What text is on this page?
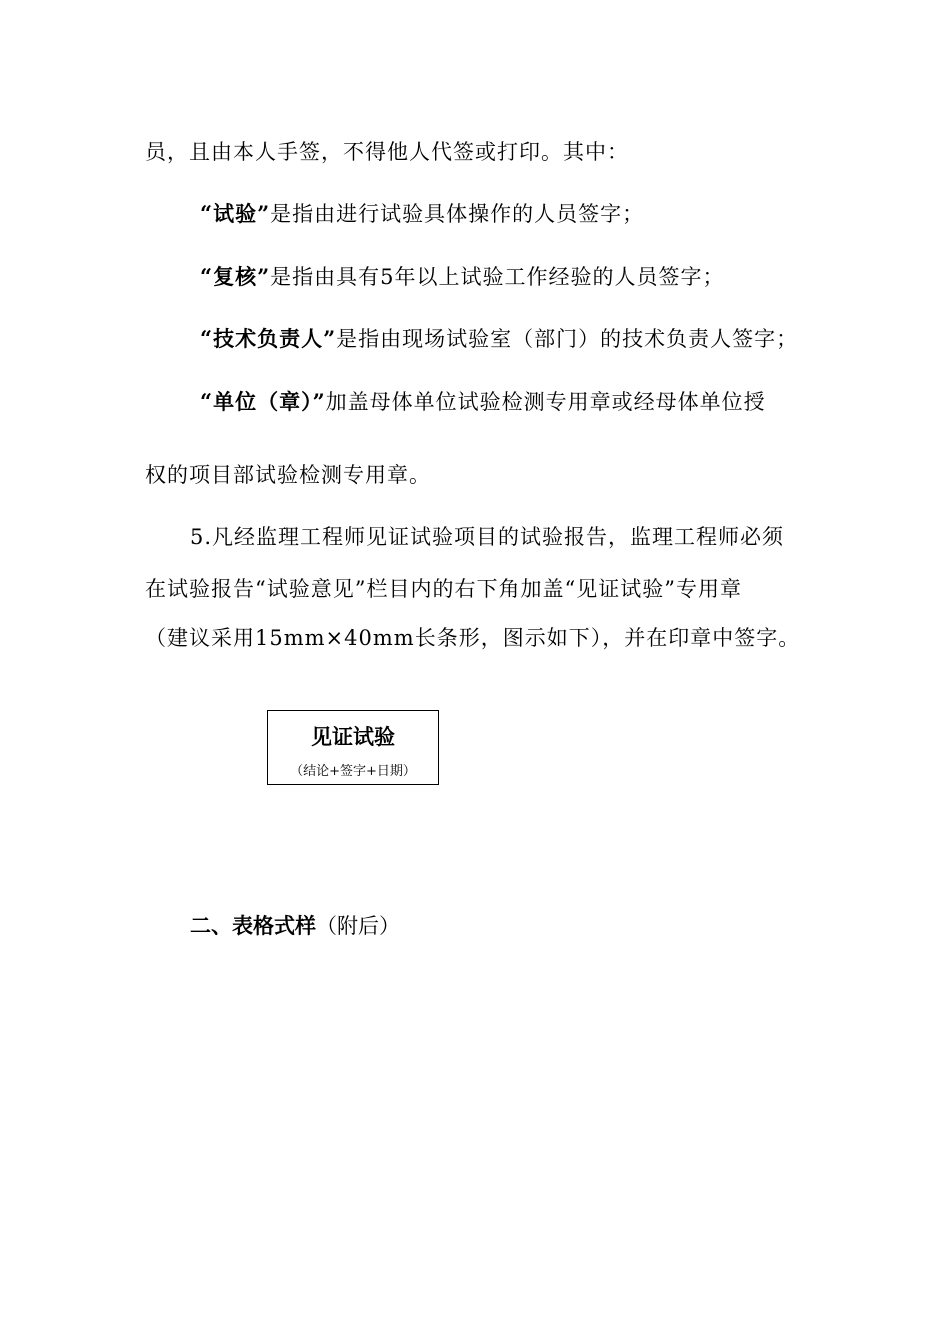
员，且由本人手签，不得他人代签或打印。其中：
“试验”是指由进行试验具体操作的人员签字；
“复核”是指由具有5年以上试验工作经验的人员签字；
“技术负责人”是指由现场试验室（部门）的技术负责人签字；
“单位（章）”加盖母体单位试验检测专用章或经母体单位授
权的项目部试验检测专用章。
5.凡经监理工程师见证试验项目的试验报告，监理工程师必须
在试验报告“试验意见”栏目内的右下角加盖“见证试验”专用章
（建议采用15mm×40mm长条形，图示如下），并在印章中签字。
见证试验
（结论+签字+日期）
二、表格式样（附后）
